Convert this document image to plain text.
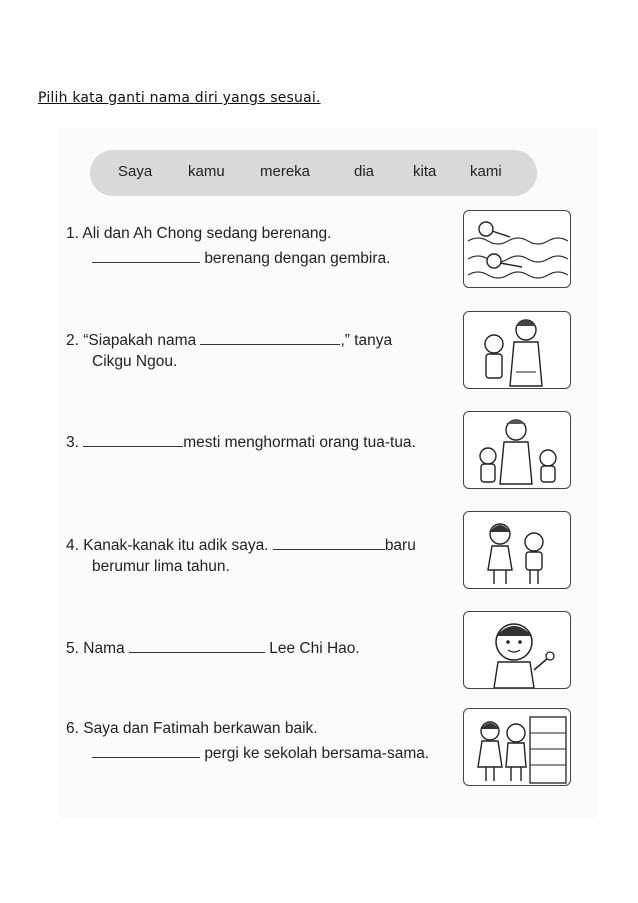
Pilih kata ganti nama diri yangs sesuai.
Saya kamu mereka	dia	kita kami
1. Ali dan Ah Chong sedang berenang.
berenang dengan gembira.
2. “Siapakah nama	,” tanya
Cikgu Ngou.
3.	mesti menghormati orang tua-tua.
4. Kanak-kanak itu adik saya.	baru
berumur lima tahun.
5. Nama	Lee Chi Hao.
6. Saya dan Fatimah berkawan baik.
pergi ke sekolah bersama-sama.
